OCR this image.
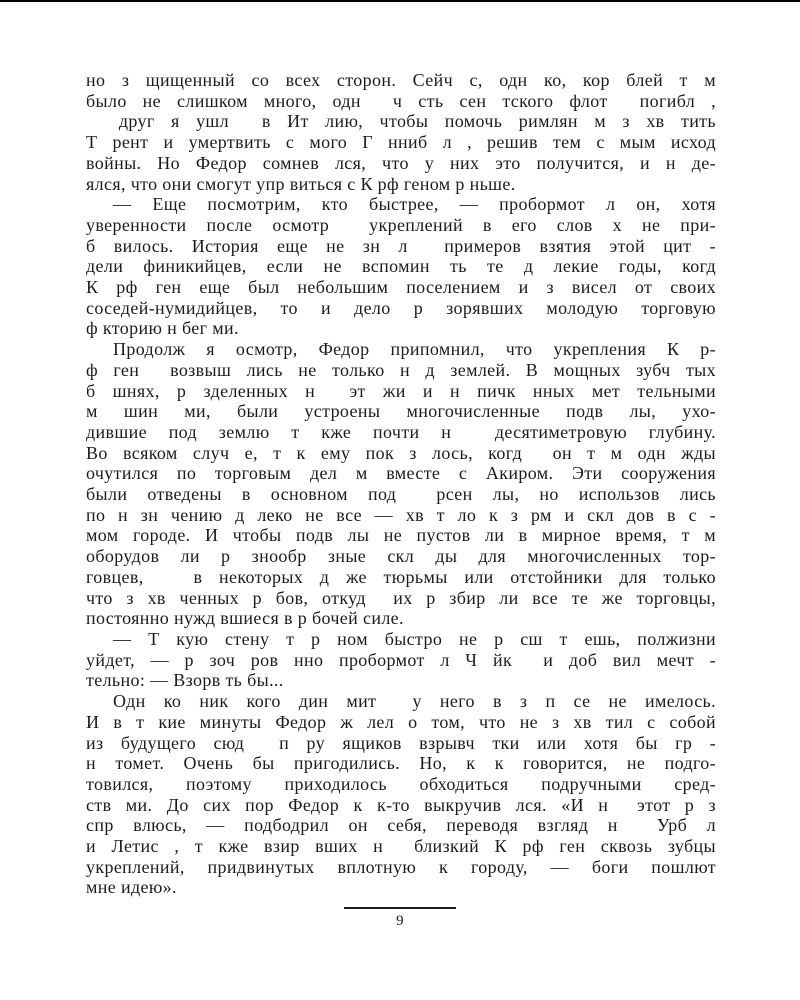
но з щищенный со всех сторон. Сейч с, одн ко, кор блей т м
было не слишком много, одн  ч сть сен тского флот  погибл ,
друг я ушл  в Ит лию, чтобы помочь римлян м з хв тить
Т рент и умертвить с мого Г нниб л , решив тем с мым исход
войны. Но Федор сомнев лся, что у них это получится, и н де-
ялся, что они смогут упр виться с К рф геном р ньше.

— Еще посмотрим, кто быстрее, — пробормот л он, хотя
уверенности после осмотр  укреплений в его слов х не при-
б вилось. История еще не зн л  примеров взятия этой цит -
дели финикийцев, если не вспомин ть те д лекие годы, когд
К рф ген еще был небольшим поселением и з висел от своих
соседей-нумидийцев, то и дело р зорявших молодую торговую
ф кторию н бег ми.

Продолж я осмотр, Федор припомнил, что укрепления К р-
ф ген  возвыш лись не только н д землей. В мощных зубч тых
б шнях, р зделенных н  эт жи и н пичк нных мет тельными
м шин ми, были устроены многочисленные подв лы, ухо-
дившие под землю т кже почти н  десятиметровую глубину.
Во всяком случ е, т к ему пок з лось, когд  он т м одн жды
очутился по торговым дел м вместе с Акиром. Эти сооружения
были отведены в основном под  рсен лы, но использов лись
по н зн чению д леко не все — хв т ло к з рм и скл дов в с -
мом городе. И чтобы подв лы не пустов ли в мирное время, т м
оборудов ли р знообр зные скл ды для многочисленных тор-
говцев,   в некоторых д же тюрьмы или отстойники для только
что з хв ченных р бов, откуд  их р збир ли все те же торговцы,
постоянно нужд вшиеся в р бочей силе.

— Т кую стену т р ном быстро не р сш т ешь, полжизни
уйдет, — р зоч ров нно пробормот л Ч йк  и доб вил мечт -
тельно: — Взорв ть бы...

Одн ко ник кого дин мит  у него в з п се не имелось.
И в т кие минуты Федор ж лел о том, что не з хв тил с собой
из будущего сюд  п ру ящиков взрывч тки или хотя бы гр -
н томет. Очень бы пригодились. Но, к к говорится, не подго-
товился, поэтому приходилось обходиться подручными сред-
ств ми. До сих пор Федор к к-то выкручив лся. «И н  этот р з
спр влюсь, — подбодрил он себя, переводя взгляд н  Урб л
и Летис , т кже взир вших н  близкий К рф ген сквозь зубцы
укреплений, придвинутых вплотную к городу, — боги пошлют
мне идею».

9
